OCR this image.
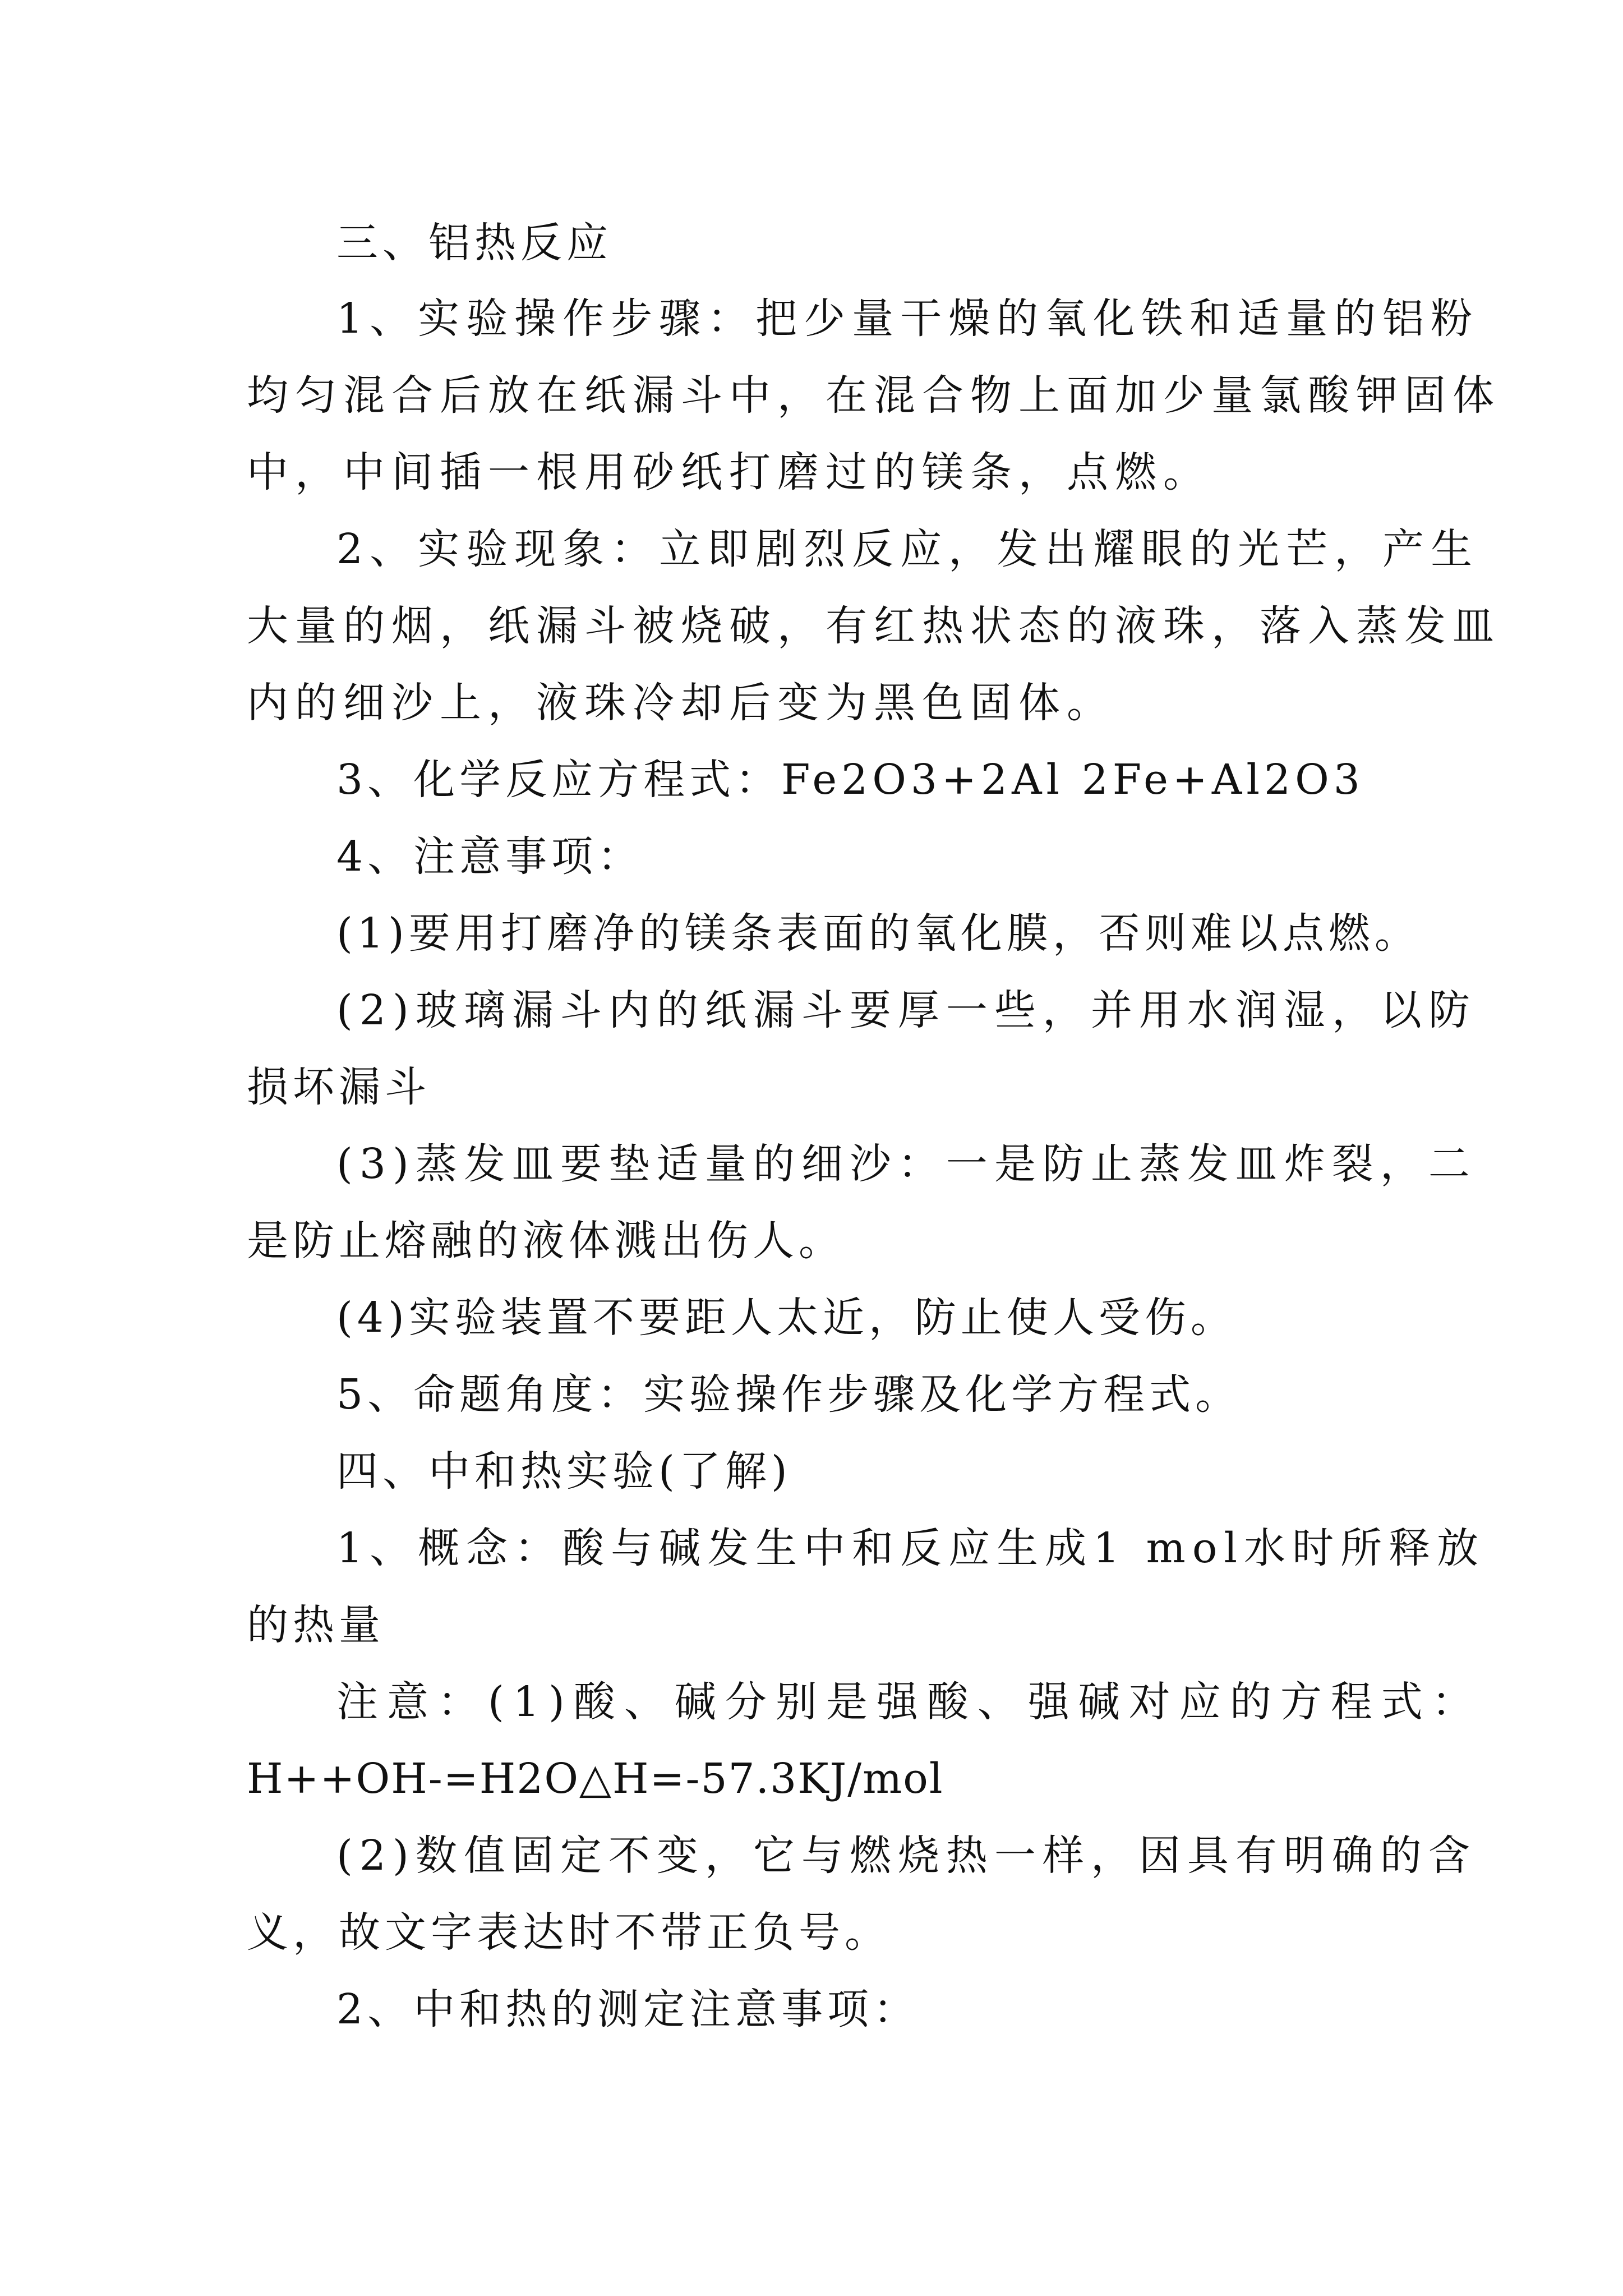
三、铝热反应
1、实验操作步骤：把少量干燥的氧化铁和适量的铝粉
均匀混合后放在纸漏斗中，在混合物上面加少量氯酸钾固体
中，中间插一根用砂纸打磨过的镁条，点燃。
2、实验现象：立即剧烈反应，发出耀眼的光芒，产生
大量的烟，纸漏斗被烧破，有红热状态的液珠，落入蒸发皿
内的细沙上，液珠冷却后变为黑色固体。
3、化学反应方程式：Fe2O3+2Al 2Fe+Al2O3
4、注意事项：
(1)要用打磨净的镁条表面的氧化膜，否则难以点燃。
(2)玻璃漏斗内的纸漏斗要厚一些，并用水润湿，以防
损坏漏斗
(3)蒸发皿要垫适量的细沙：一是防止蒸发皿炸裂，二
是防止熔融的液体溅出伤人。
(4)实验装置不要距人太近，防止使人受伤。
5、命题角度：实验操作步骤及化学方程式。
四、中和热实验(了解)
1、概念：酸与碱发生中和反应生成1 mol水时所释放
的热量
注意：(1)酸、碱分别是强酸、强碱对应的方程式：
H++OH-=H2O△H=-57.3KJ/mol
(2)数值固定不变，它与燃烧热一样，因具有明确的含
义，故文字表达时不带正负号。
2、中和热的测定注意事项：
